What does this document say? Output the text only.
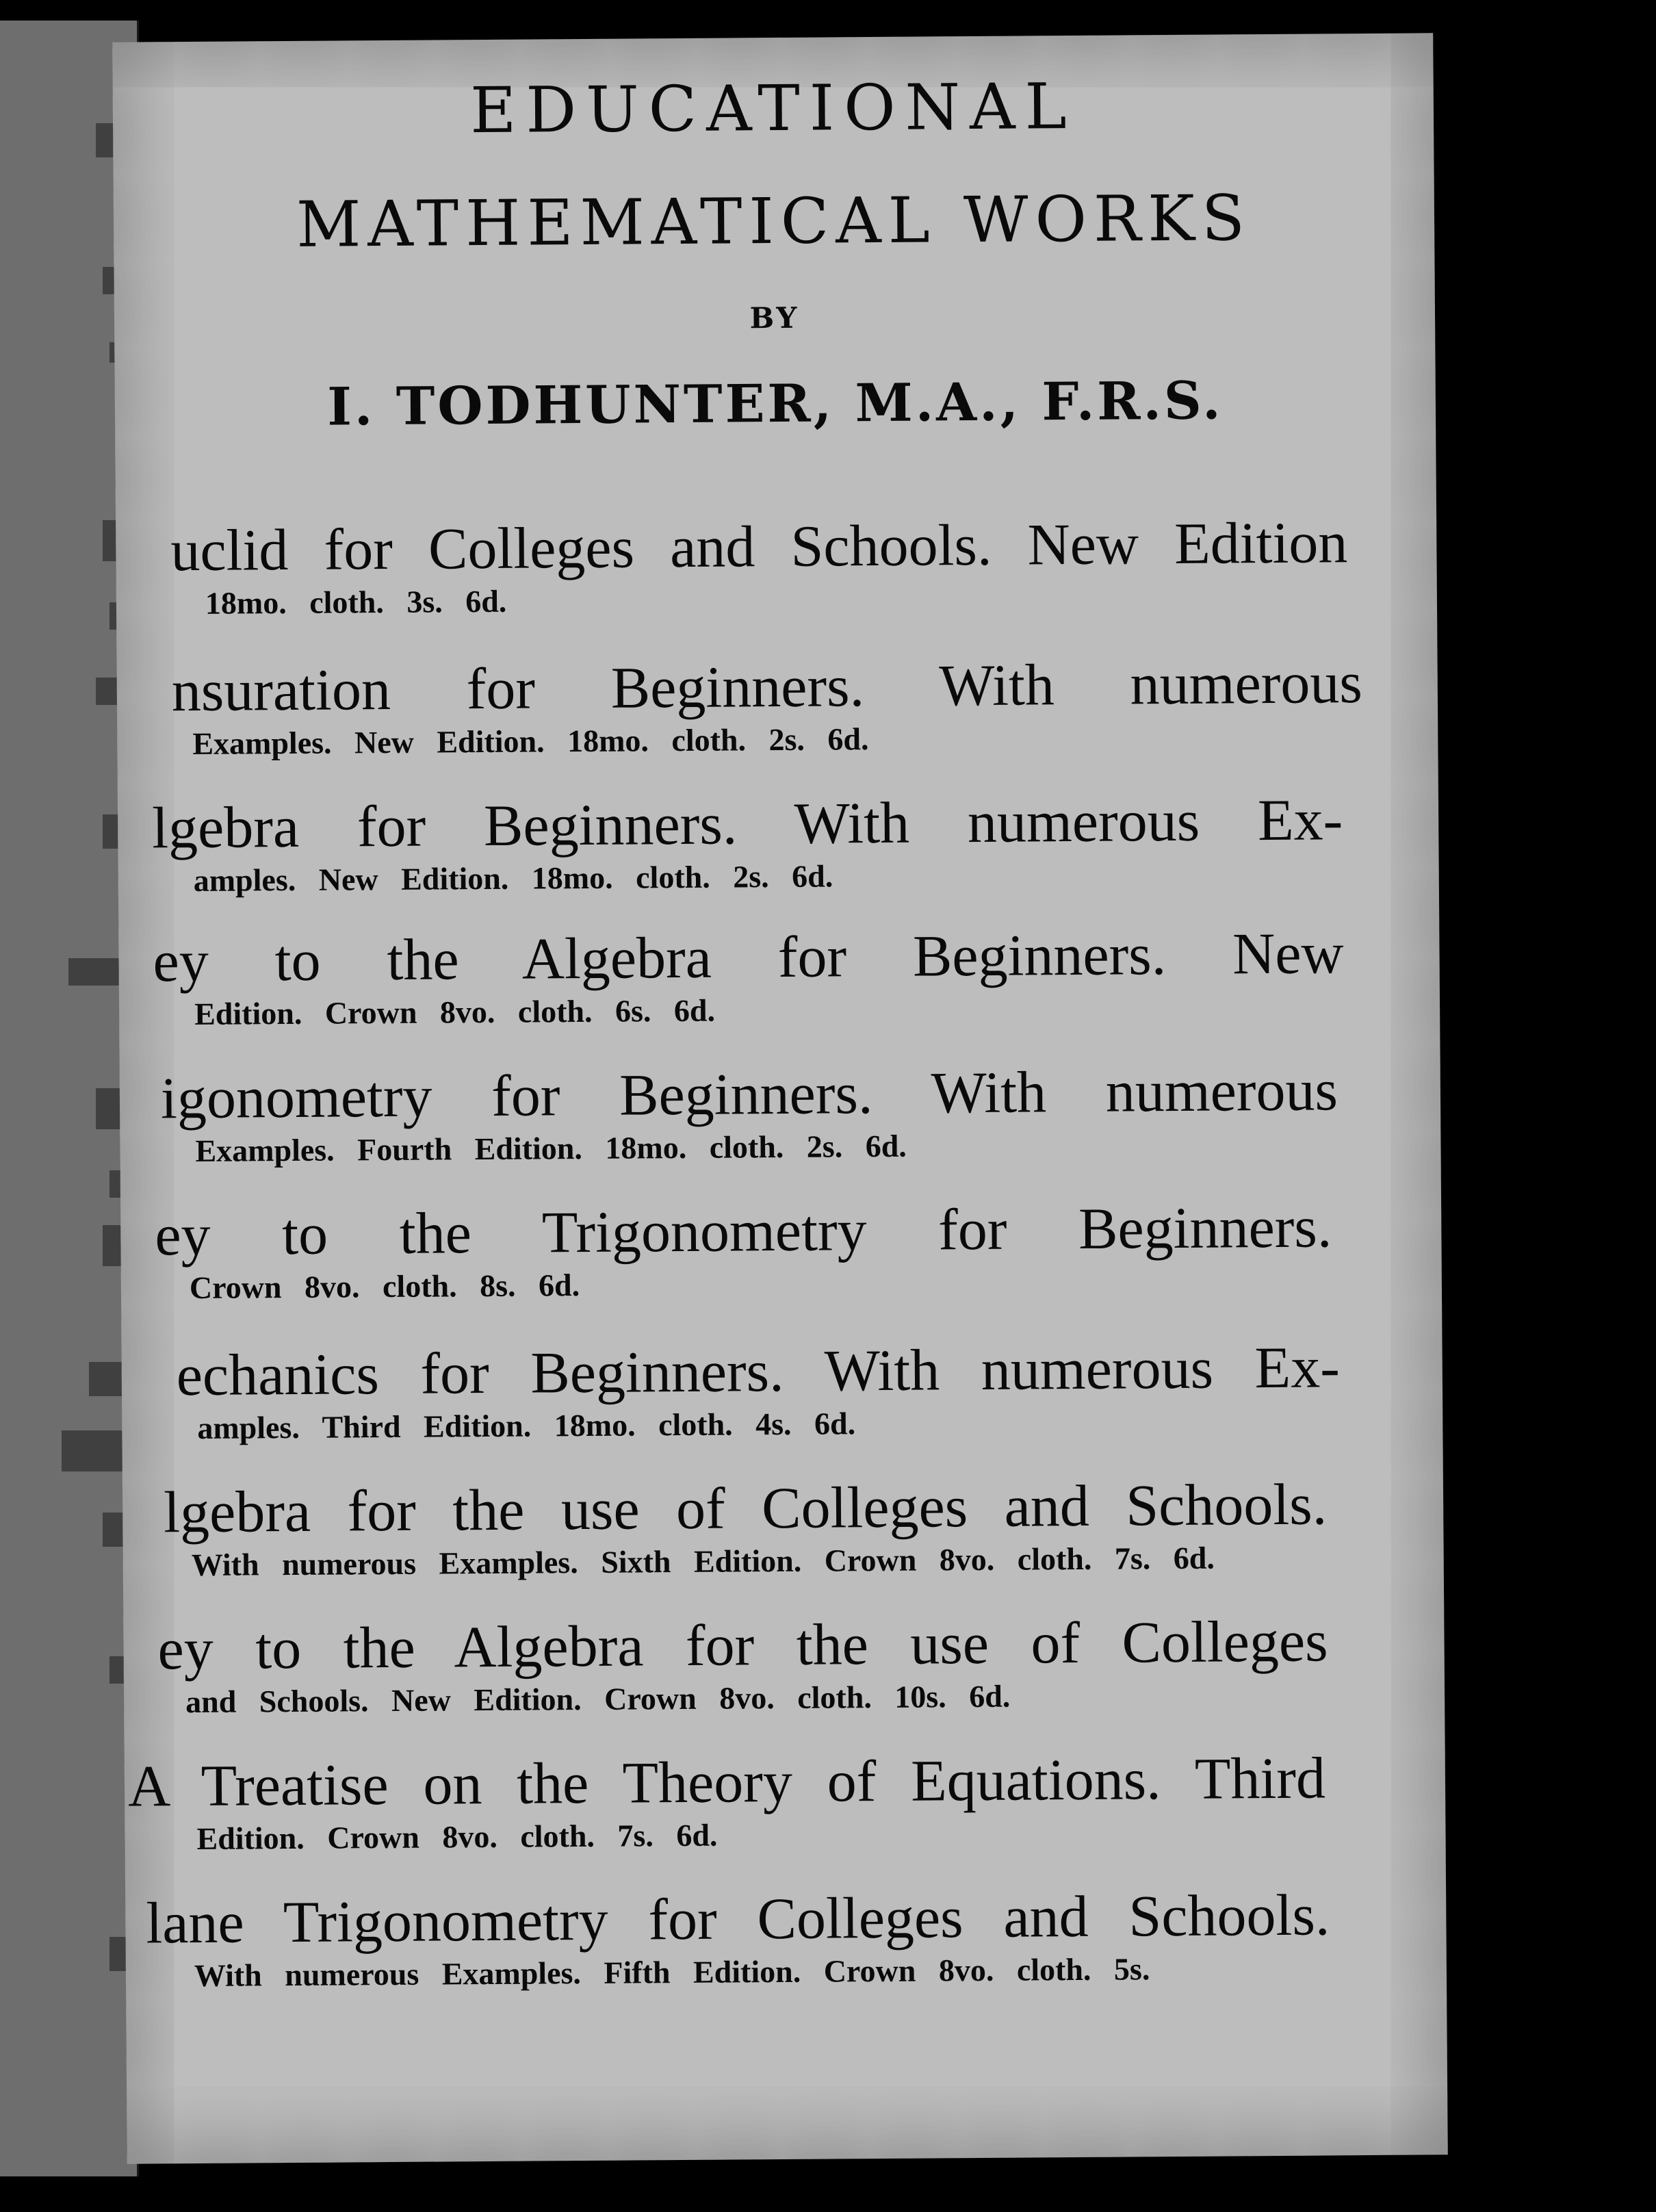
EDUCATIONAL
MATHEMATICAL WORKS
BY
I. TODHUNTER, M.A., F.R.S.
uclid for Colleges and Schools. New Edition
18mo. cloth. 3s. 6d.
nsuration for Beginners. With numerous
Examples. New Edition. 18mo. cloth. 2s. 6d.
lgebra for Beginners. With numerous Ex-
amples. New Edition. 18mo. cloth. 2s. 6d.
ey to the Algebra for Beginners. New
Edition. Crown 8vo. cloth. 6s. 6d.
igonometry for Beginners. With numerous
Examples. Fourth Edition. 18mo. cloth. 2s. 6d.
ey to the Trigonometry for Beginners.
Crown 8vo. cloth. 8s. 6d.
echanics for Beginners. With numerous Ex-
amples. Third Edition. 18mo. cloth. 4s. 6d.
lgebra for the use of Colleges and Schools.
With numerous Examples. Sixth Edition. Crown 8vo. cloth. 7s. 6d.
ey to the Algebra for the use of Colleges
and Schools. New Edition. Crown 8vo. cloth. 10s. 6d.
A Treatise on the Theory of Equations. Third
Edition. Crown 8vo. cloth. 7s. 6d.
lane Trigonometry for Colleges and Schools.
With numerous Examples. Fifth Edition. Crown 8vo. cloth. 5s.
